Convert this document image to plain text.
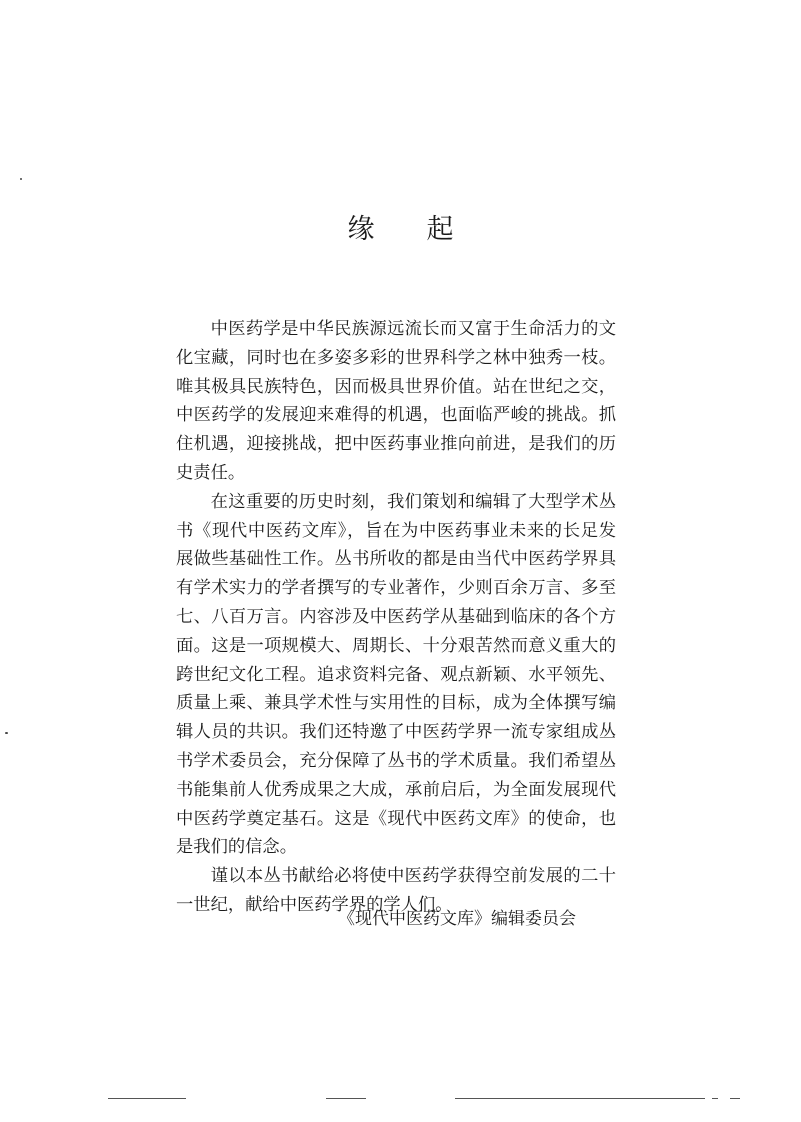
缘起

中医药学是中华民族源远流长而又富于生命活力的文化宝藏，同时也在多姿多彩的世界科学之林中独秀一枝。唯其极具民族特色，因而极具世界价值。站在世纪之交，中医药学的发展迎来难得的机遇，也面临严峻的挑战。抓住机遇，迎接挑战，把中医药事业推向前进，是我们的历史责任。

在这重要的历史时刻，我们策划和编辑了大型学术丛书《现代中医药文库》，旨在为中医药事业未来的长足发展做些基础性工作。丛书所收的都是由当代中医药学界具有学术实力的学者撰写的专业著作，少则百余万言、多至七、八百万言。内容涉及中医药学从基础到临床的各个方面。这是一项规模大、周期长、十分艰苦然而意义重大的跨世纪文化工程。追求资料完备、观点新颖、水平领先、质量上乘、兼具学术性与实用性的目标，成为全体撰写编辑人员的共识。我们还特邀了中医药学界一流专家组成丛书学术委员会，充分保障了丛书的学术质量。我们希望丛书能集前人优秀成果之大成，承前启后，为全面发展现代中医药学奠定基石。这是《现代中医药文库》的使命，也是我们的信念。

谨以本丛书献给必将使中医药学获得空前发展的二十一世纪，献给中医药学界的学人们。

《现代中医药文库》编辑委员会
